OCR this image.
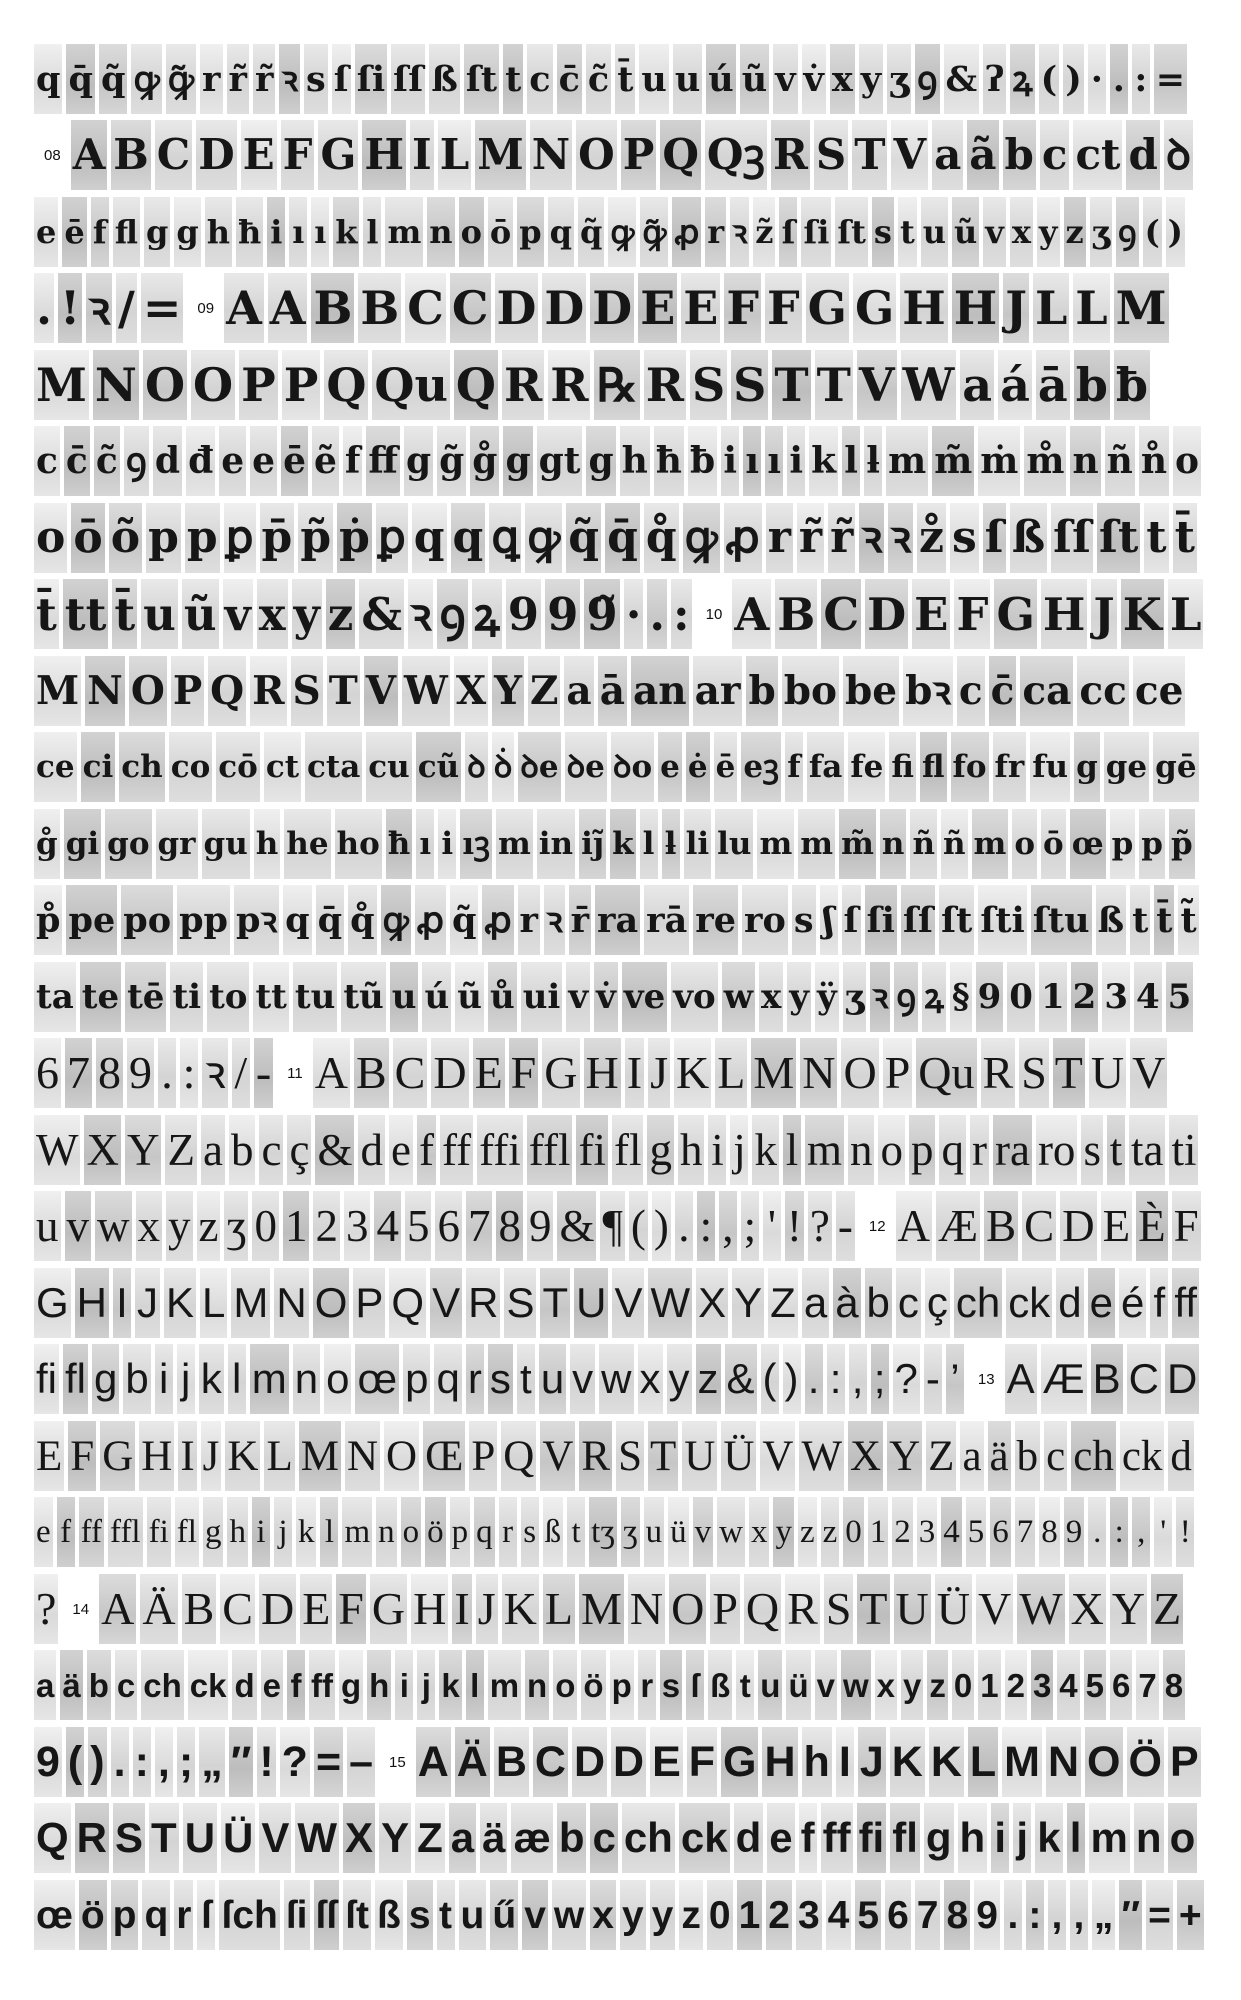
q q̄ q̃ ꝙ ꝙ̃ r r̃ r̃ ꝛ s ſ ſi ſſ ß ſt t c c̄ c̃ t̄ u u ú ũ v v̇ x y ʒ ꝯ & ʔ ꝝ ( ) · . : =
08 A B C D E F G H I L M N O P Q Qꝫ R S T V a ã b c ct d ꝺ
e ē f fl g g h ħ i ı ı k l m n o ō p q q̃ ꝙ ꝙ̃ ꝓ r ꝛ z̃ ſ ſi ſt s t u ũ v x y z ʒ ꝯ ( )
. ! ꝛ / =	09 A A B B C C D D D E E F F G G H H J L L M
M N O O P P Q Qu Q R R ℞ R S S T T V W a á ā b ƀ
c c̄ c̃ ꝯ d đ e e ē ẽ f ff g g̃ g̊ g gt g h ħ ƀ i ı ı i k l ƚ m m̃ ṁ m̊ n ñ n̊ o
o ō õ p p ꝑ p̄ p̃ ṗ ꝑ q q ꝗ ꝙ q̃ q̄ q̊ ꝙ ꝓ r r̃ r̃ ꝛ ꝛ z̊ s ſ ß ſſ ſt t t̄
t̄ tt t̄ u ũ v x y z & ꝛ ꝯ ꝝ 9 9 9̃ · . :	10 A B C D E F G H J K L
M N O P Q R S T V W X Y Z a ā an ar b bo be bꝛ c c̄ ca cc ce
ce ci ch co cō ct cta cu cũ ꝺ ꝺ̇ ꝺe ꝺe ꝺo e ė ē eꝫ f fa fe fi fl fo fr fu g ge gē
g̊ gi go gr gu h he ho ħ ı i ıꝫ m in ij̃ k l ƚ li lu m m m̃ n ñ ñ m o ō œ p p p̃
p̊ pe po pp pꝛ q q̄ q̊ ꝙ ꝓ q̃ ꝓ r ꝛ r̄ ra rā re ro s ʃ ſ ſi ſſ ſt ſti ſtu ß t t̄ t̃
ta te tē ti to tt tu tũ u ú ũ ů ui v v̇ ve vo w x y ÿ ʒ ꝛ ꝯ ꝝ § 9 0 1 2 3 4 5
6 7 8 9 . : ꝛ / -	11 A B C D E F G H I J K L M N O P Qu R S T U V
W X Y Z a b c ç & d e f ff ffi ffl fi fl g h i j k l m n o p q r ra ro s t ta ti
u v w x y z ʒ 0 1 2 3 4 5 6 7 8 9 & ¶ ( ) . : , ; ' ! ? -	12 A Æ B C D E È F
G H I J K L M N O P Q V R S T U V W X Y Z a à b c ç ch ck d e é f ff
fi fl g b i j k l m n o œ p q r s t u v w x y z & ( ) . : , ; ? - ’	13 A Æ B C D
E F G H I J K L M N O Œ P Q V R S T U Ü V W X Y Z a ä b c ch ck d
e f ff ffl fi fl g h i j k l m n o ö p q r s ß t tʒ ʒ u ü v w x y z z 0 1 2 3 4 5 6 7 8 9 . : , ' !
?	14 A Ä B C D E F G H I J K L M N O P Q R S T U Ü V W X Y Z
a ä b c ch ck d e f ff g h i j k l m n o ö p r s ſ ß t u ü v w x y z 0 1 2 3 4 5 6 7 8
9 ( ) . : , ; „ ″ ! ? = –	15 A Ä B C D D E F G H h I J K K L M N O Ö P
Q R S T U Ü V W X Y Z a ä æ b c ch ck d e f ff fi fl g h i j k l m n o
œ ö p q r ſ ſch ſi ſſ ſt ß s t u ű v w x y y z 0 1 2 3 4 5 6 7 8 9 . : , , „ ″ = +
